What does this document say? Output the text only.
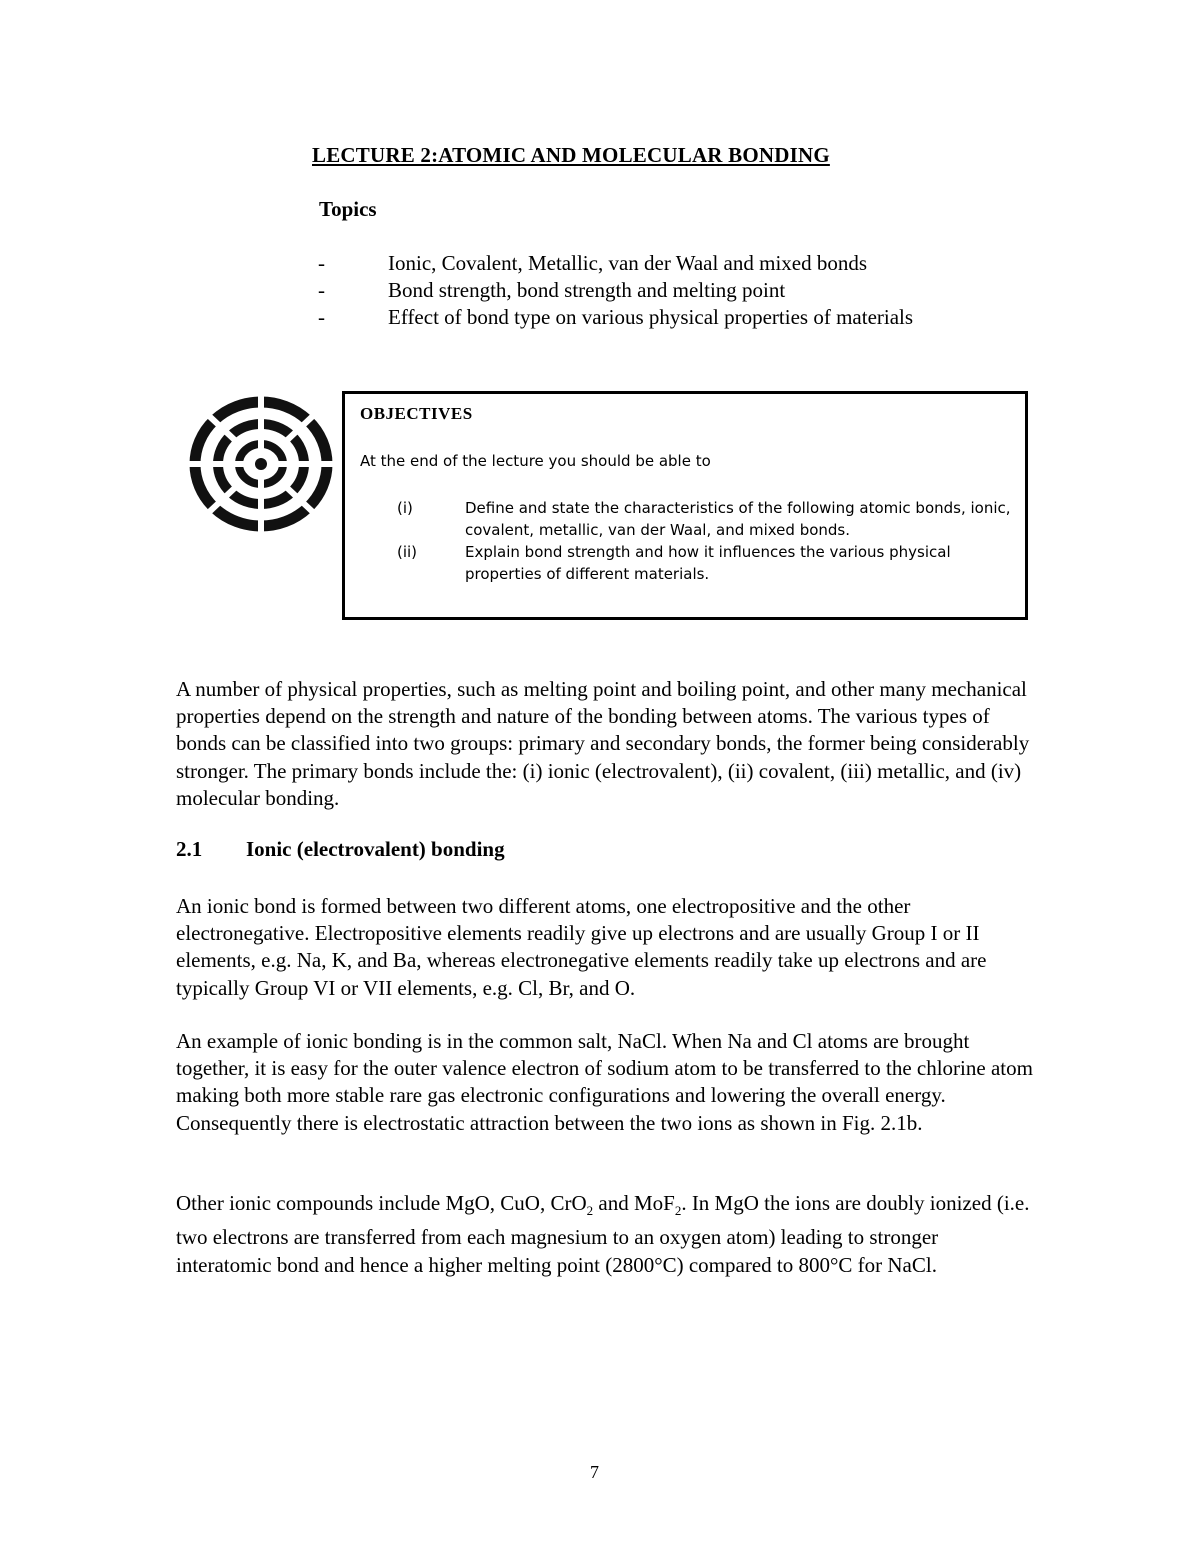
LECTURE 2:ATOMIC AND MOLECULAR BONDING
Topics
-	Ionic, Covalent, Metallic, van der Waal and mixed bonds
-	Bond strength, bond strength and melting point
-	Effect of bond type on various physical properties of materials
OBJECTIVES
At the end of the lecture you should be able to
(i)	Define and state the characteristics of the following atomic bonds, ionic, covalent, metallic, van der Waal, and mixed bonds.
(ii)	Explain bond strength and how it influences the various physical properties of different materials.
A number of physical properties, such as melting point and boiling point, and other many mechanical properties depend on the strength and nature of the bonding between atoms. The various types of bonds can be classified into two groups: primary and secondary bonds, the former being considerably stronger. The primary bonds include the: (i) ionic (electrovalent), (ii) covalent, (iii) metallic, and (iv) molecular bonding.
2.1 Ionic (electrovalent) bonding
An ionic bond is formed between two different atoms, one electropositive and the other electronegative. Electropositive elements readily give up electrons and are usually Group I or II elements, e.g. Na, K, and Ba, whereas electronegative elements readily take up electrons and are typically Group VI or VII elements, e.g. Cl, Br, and O.
An example of ionic bonding is in the common salt, NaCl. When Na and Cl atoms are brought together, it is easy for the outer valence electron of sodium atom to be transferred to the chlorine atom making both more stable rare gas electronic configurations and lowering the overall energy. Consequently there is electrostatic attraction between the two ions as shown in Fig. 2.1b.
Other ionic compounds include MgO, CuO, CrO$_2$ and MoF$_2$. In MgO the ions are doubly ionized (i.e. two electrons are transferred from each magnesium to an oxygen atom) leading to stronger interatomic bond and hence a higher melting point (2800°C) compared to 800°C for NaCl.
7
